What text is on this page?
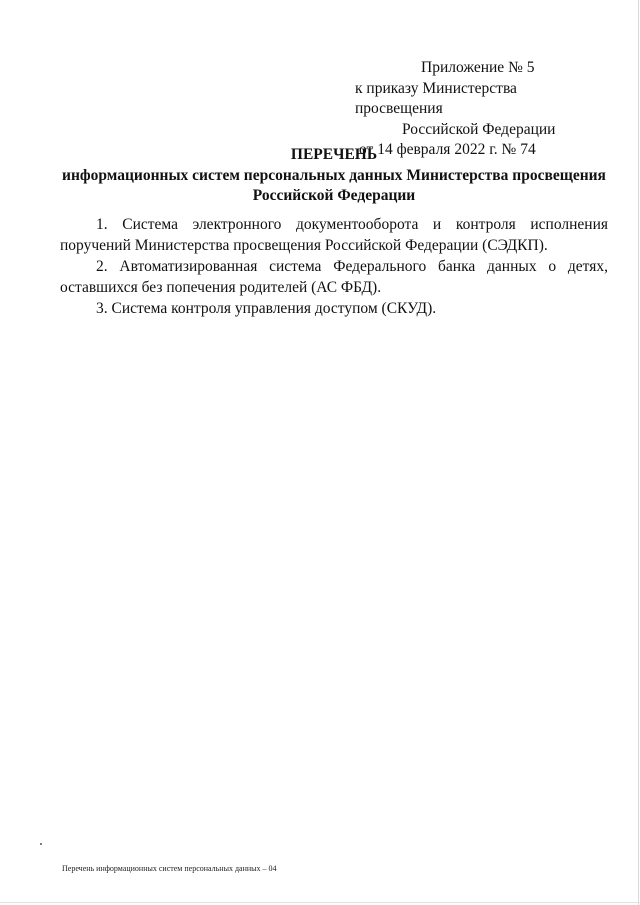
Приложение № 5
к приказу Министерства просвещения
Российской Федерации
от 14 февраля 2022 г. № 74
ПЕРЕЧЕНЬ
информационных систем персональных данных Министерства просвещения
Российской Федерации

1. Система электронного документооборота и контроля исполнения поручений Министерства просвещения Российской Федерации (СЭДКП).

2. Автоматизированная система Федерального банка данных о детях, оставшихся без попечения родителей (АС ФБД).

3. Система контроля управления доступом (СКУД).

Перечень информационных систем персональных данных – 04
